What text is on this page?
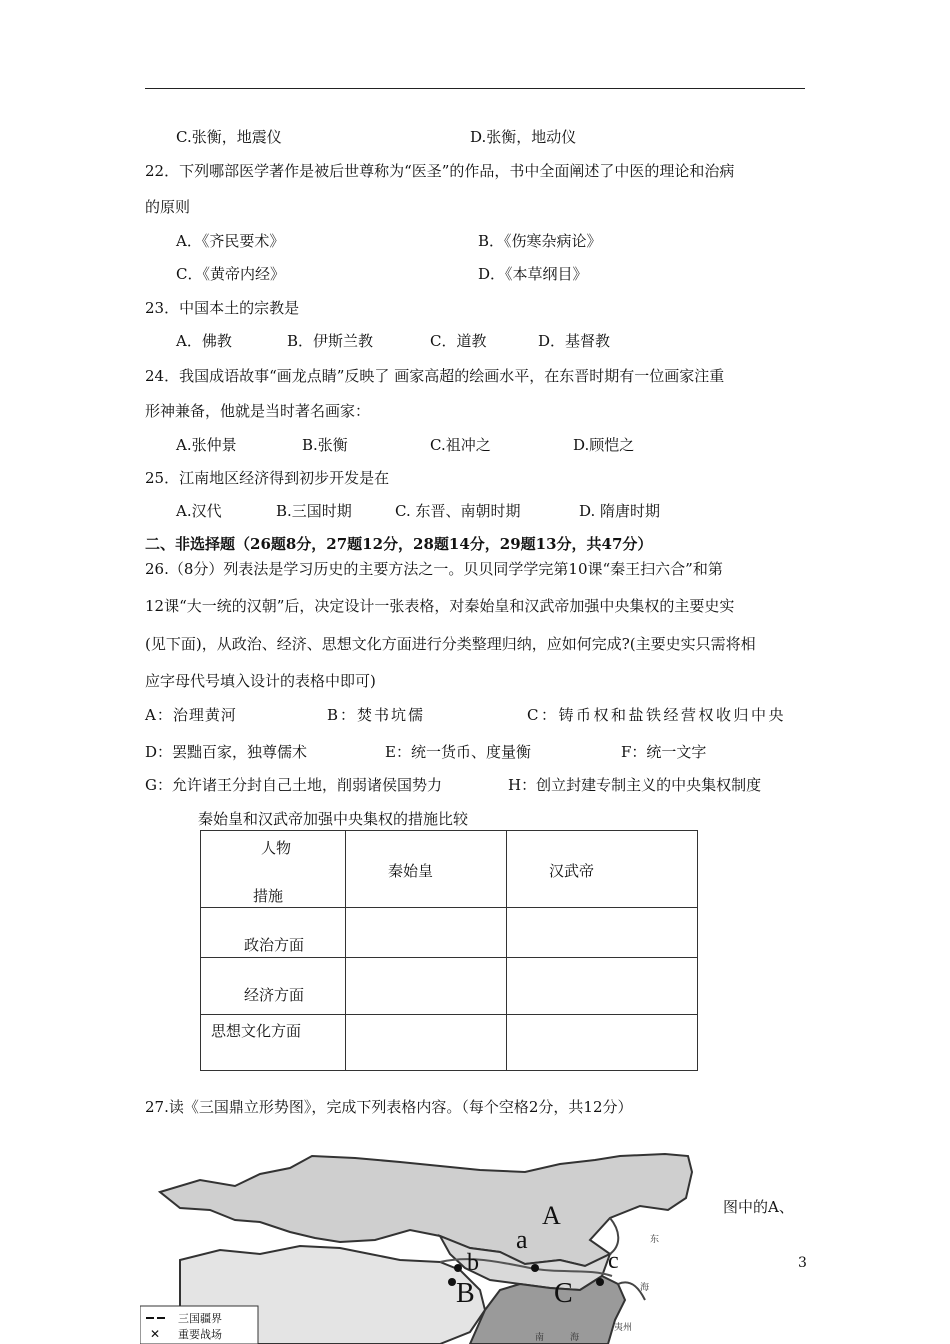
C.张衡，地震仪	D.张衡，地动仪
22．下列哪部医学著作是被后世尊称为“医圣”的作品，书中全面阐述了中医的理论和治病
的原则
A．《齐民要术》	B．《伤寒杂病论》
C．《黄帝内经》	D．《本草纲目》
23．中国本土的宗教是
A．佛教	B．伊斯兰教	C．道教	D．基督教
24．我国成语故事“画龙点睛”反映了 画家高超的绘画水平，在东晋时期有一位画家注重
形神兼备，他就是当时著名画家：
A.张仲景	B.张衡	C.祖冲之	D.顾恺之
25．江南地区经济得到初步开发是在
A.汉代	B.三国时期	C. 东晋、南朝时期	D. 隋唐时期
二、非选择题（26题8分，27题12分，28题14分，29题13分，共47分）
26.（8分）列表法是学习历史的主要方法之一。贝贝同学学完第10课“秦王扫六合”和第
12课“大一统的汉朝”后，决定设计一张表格，对秦始皇和汉武帝加强中央集权的主要史实
(见下面)，从政治、经济、思想文化方面进行分类整理归纳，应如何完成?(主要史实只需将相
应字母代号填入设计的表格中即可)
A：治理黄河	B：焚书坑儒	C：铸币权和盐铁经营权收归中央
D：罢黜百家，独尊儒术	E：统一货币、度量衡	F：统一文字
G：允许诸王分封自己土地，削弱诸侯国势力	H：创立封建专制主义的中央集权制度
秦始皇和汉武帝加强中央集权的措施比较
人物
措施	秦始皇	汉武帝

政治方面		

经济方面		

思想文化方面		

27.读《三国鼎立形势图》，完成下列表格内容。（每个空格2分，共12分）
A
a
b	c
B	C
东
海
南	海
夷州
三国疆界
✕ 重要战场
图中的A、
3
